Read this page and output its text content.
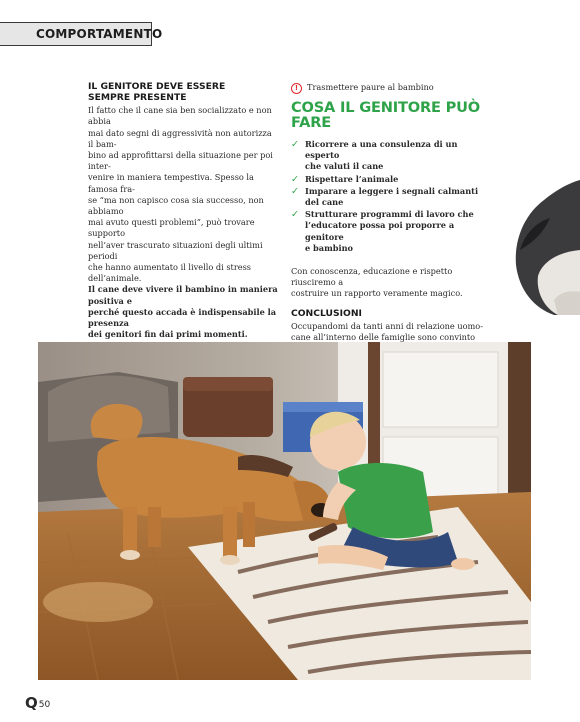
COMPORTAMENTO
IL GENITORE DEVE ESSERE
SEMPRE PRESENTE
Il fatto che il cane sia ben socializzato e non abbia
mai dato segni di aggressività non autorizza il bam-
bino ad approfittarsi della situazione per poi inter-
venire in maniera tempestiva. Spesso la famosa fra-
se “ma non capisco cosa sia successo, non abbiamo
mai avuto questi problemi”, può trovare supporto
nell’aver trascurato situazioni degli ultimi periodi
che hanno aumentato il livello di stress dell’animale.
Il cane deve vivere il bambino in maniera positiva e
perché questo accada è indispensabile la presenza
dei genitori fin dai primi momenti.
!	Trasmettere paure al bambino
COSA IL GENITORE PUÒ FARE
✓ Ricorrere a una consulenza di un esperto
che valuti il cane
✓ Rispettare l’animale
✓ Imparare a leggere i segnali calmanti del cane
✓ Strutturare programmi di lavoro che
l’educatore possa poi proporre a genitore
e bambino
Con conoscenza, educazione e rispetto riusciremo a
costruire un rapporto veramente magico.
CONCLUSIONI
Occupandomi da tanti anni di relazione uomo-
cane all’interno delle famiglie sono convinto
Q 50
